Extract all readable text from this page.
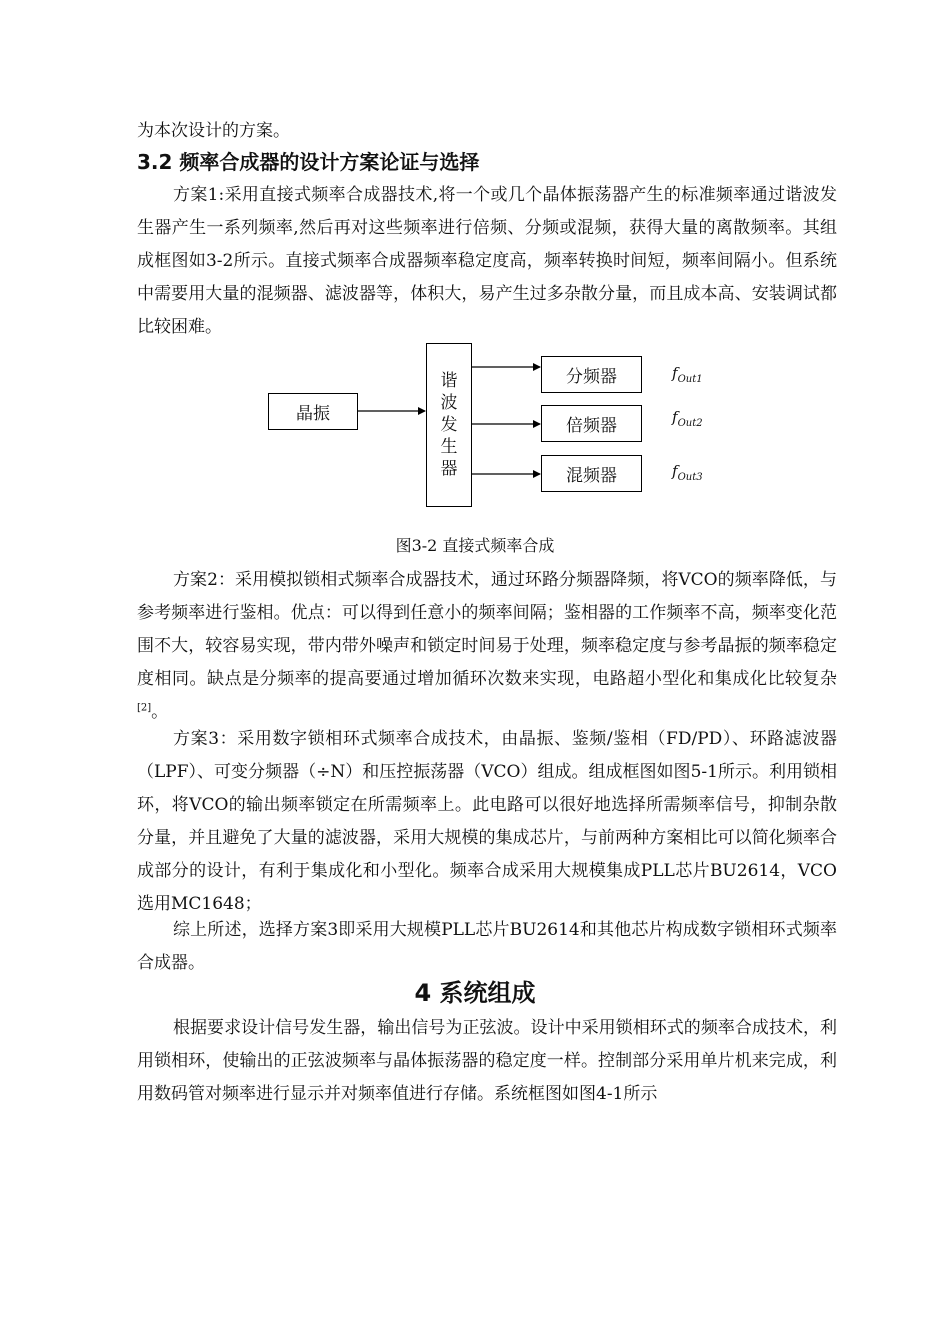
为本次设计的方案。

3.2 频率合成器的设计方案论证与选择

方案1:采用直接式频率合成器技术,将一个或几个晶体振荡器产生的标准频率通过谐波发生器产生一系列频率,然后再对这些频率进行倍频、分频或混频，获得大量的离散频率。其组成框图如3-2所示。直接式频率合成器频率稳定度高，频率转换时间短，频率间隔小。但系统中需要用大量的混频器、滤波器等，体积大，易产生过多杂散分量，而且成本高、安装调试都比较困难。

晶振
谐
波
发
生
器
分频器
倍频器
混频器
$f_{Out1}$
$f_{Out2}$
$f_{Out3}$

图3-2 直接式频率合成

方案2：采用模拟锁相式频率合成器技术，通过环路分频器降频，将VCO的频率降低，与参考频率进行鉴相。优点：可以得到任意小的频率间隔；鉴相器的工作频率不高，频率变化范围不大，较容易实现，带内带外噪声和锁定时间易于处理，频率稳定度与参考晶振的频率稳定度相同。缺点是分频率的提高要通过增加循环次数来实现，电路超小型化和集成化比较复杂[2]。

方案3：采用数字锁相环式频率合成技术，由晶振、鉴频/鉴相（FD/PD）、环路滤波器（LPF）、可变分频器（÷N）和压控振荡器（VCO）组成。组成框图如图5-1所示。利用锁相环，将VCO的输出频率锁定在所需频率上。此电路可以很好地选择所需频率信号，抑制杂散分量，并且避免了大量的滤波器，采用大规模的集成芯片，与前两种方案相比可以简化频率合成部分的设计，有利于集成化和小型化。频率合成采用大规模集成PLL芯片BU2614，VCO选用MC1648；

综上所述，选择方案3即采用大规模PLL芯片BU2614和其他芯片构成数字锁相环式频率合成器。

4 系统组成

根据要求设计信号发生器，输出信号为正弦波。设计中采用锁相环式的频率合成技术，利用锁相环，使输出的正弦波频率与晶体振荡器的稳定度一样。控制部分采用单片机来完成，利用数码管对频率进行显示并对频率值进行存储。系统框图如图4-1所示
